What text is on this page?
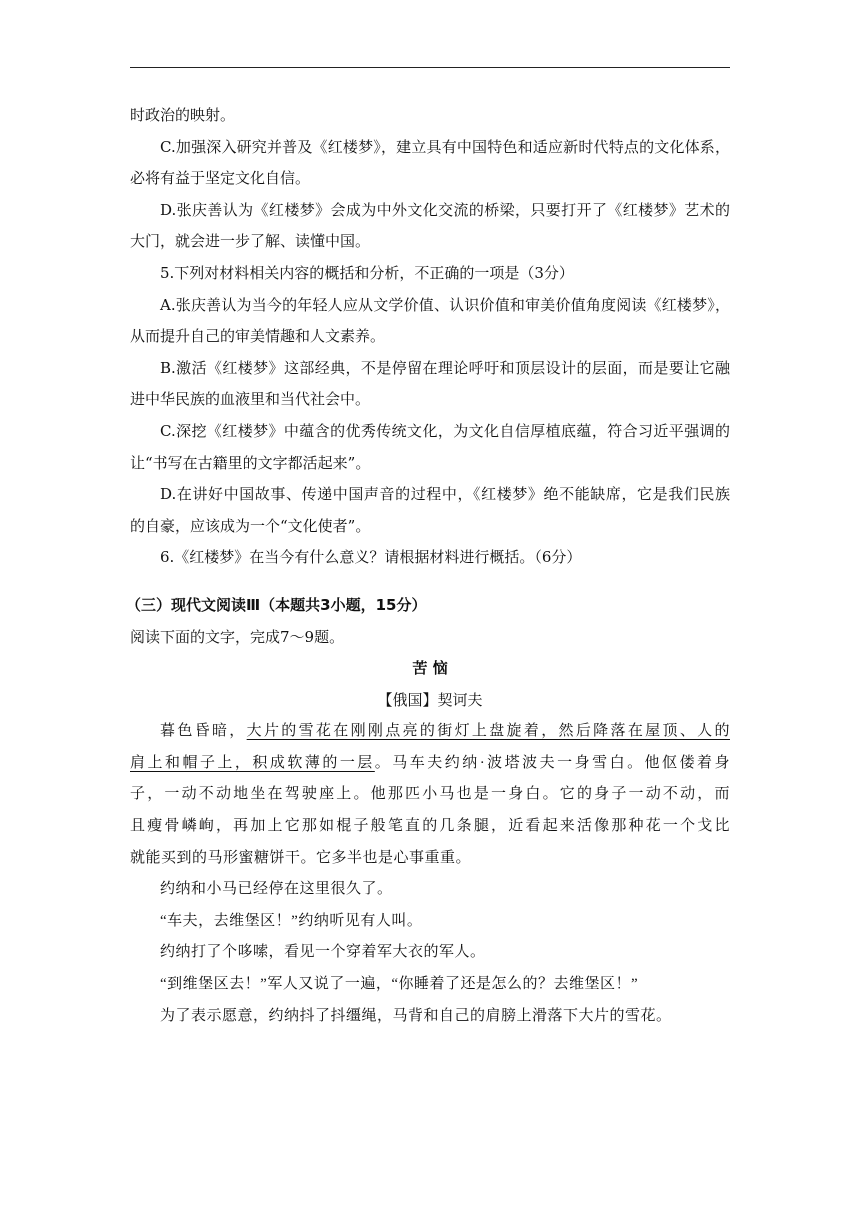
时政治的映射。
C.加强深入研究并普及《红楼梦》，建立具有中国特色和适应新时代特点的文化体系，
必将有益于坚定文化自信。
D.张庆善认为《红楼梦》会成为中外文化交流的桥梁，只要打开了《红楼梦》艺术的
大门，就会进一步了解、读懂中国。
5.下列对材料相关内容的概括和分析，不正确的一项是（3分）
A.张庆善认为当今的年轻人应从文学价值、认识价值和审美价值角度阅读《红楼梦》，
从而提升自己的审美情趣和人文素养。
B.激活《红楼梦》这部经典，不是停留在理论呼吁和顶层设计的层面，而是要让它融
进中华民族的血液里和当代社会中。
C.深挖《红楼梦》中蕴含的优秀传统文化，为文化自信厚植底蕴，符合习近平强调的
让“书写在古籍里的文字都活起来”。
D.在讲好中国故事、传递中国声音的过程中，《红楼梦》绝不能缺席，它是我们民族
的自豪，应该成为一个“文化使者”。
6.《红楼梦》在当今有什么意义？请根据材料进行概括。（6分）
（三）现代文阅读Ⅲ（本题共3小题，15分）
阅读下面的文字，完成7～9题。
苦 恼
【俄国】契诃夫
暮色昏暗，大片的雪花在刚刚点亮的街灯上盘旋着，然后降落在屋顶、人的
肩上和帽子上，积成软薄的一层。马车夫约纳·波塔波夫一身雪白。他伛偻着身
子，一动不动地坐在驾驶座上。他那匹小马也是一身白。它的身子一动不动，而
且瘦骨嶙峋，再加上它那如棍子般笔直的几条腿，近看起来活像那种花一个戈比
就能买到的马形蜜糖饼干。它多半也是心事重重。
约纳和小马已经停在这里很久了。
“车夫，去维堡区！”约纳听见有人叫。
约纳打了个哆嗦，看见一个穿着军大衣的军人。
“到维堡区去！”军人又说了一遍，“你睡着了还是怎么的？去维堡区！”
为了表示愿意，约纳抖了抖缰绳，马背和自己的肩膀上滑落下大片的雪花。
